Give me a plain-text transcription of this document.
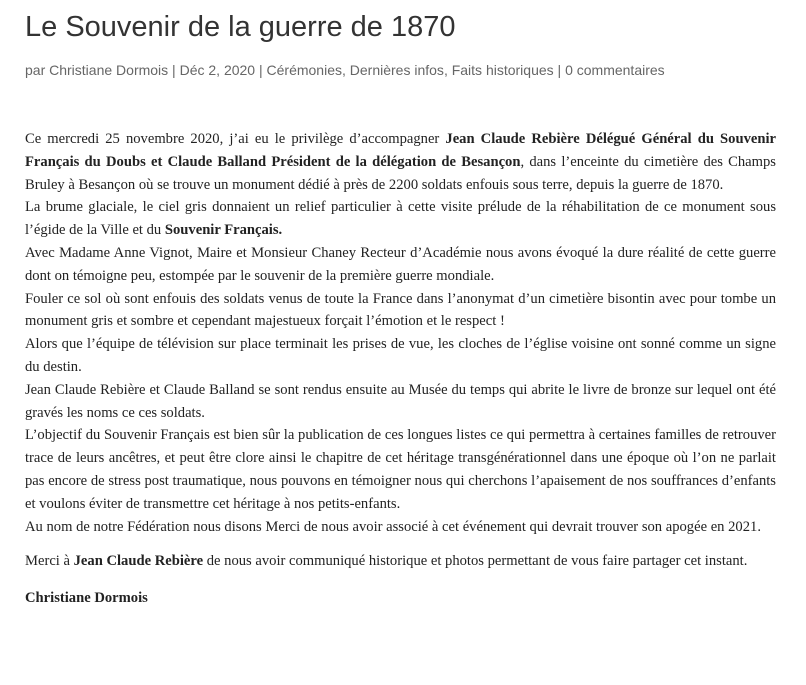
Le Souvenir de la guerre de 1870
par Christiane Dormois | Déc 2, 2020 | Cérémonies, Dernières infos, Faits historiques | 0 commentaires

Ce mercredi 25 novembre 2020, j’ai eu le privilège d’accompagner Jean Claude Rebière Délégué Général du Souvenir Français du Doubs et Claude Balland Président de la délégation de Besançon, dans l’enceinte du cimetière des Champs Bruley à Besançon où se trouve un monument dédié à près de 2200 soldats enfouis sous terre, depuis la guerre de 1870.

La brume glaciale, le ciel gris donnaient un relief particulier à cette visite prélude de la réhabilitation de ce monument sous l’égide de la Ville et du Souvenir Français.

Avec Madame Anne Vignot, Maire et Monsieur Chaney Recteur d’Académie nous avons évoqué la dure réalité de cette guerre dont on témoigne peu, estompée par le souvenir de la première guerre mondiale.

Fouler ce sol où sont enfouis des soldats venus de toute la France dans l’anonymat d’un cimetière bisontin avec pour tombe un monument gris et sombre et cependant majestueux forçait l’émotion et le respect !

Alors que l’équipe de télévision sur place terminait les prises de vue, les cloches de l’église voisine ont sonné comme un signe du destin.

Jean Claude Rebière et Claude Balland se sont rendus ensuite au Musée du temps qui abrite le livre de bronze sur lequel ont été gravés les noms ce ces soldats.

L’objectif du Souvenir Français est bien sûr la publication de ces longues listes ce qui permettra à certaines familles de retrouver trace de leurs ancêtres, et peut être clore ainsi le chapitre de cet héritage transgénérationnel dans une époque où l’on ne parlait pas encore de stress post traumatique, nous pouvons en témoigner nous qui cherchons l’apaisement de nos souffrances d’enfants et voulons éviter de transmettre cet héritage à nos petits-enfants.

Au nom de notre Fédération nous disons Merci de nous avoir associé à cet événement qui devrait trouver son apogée en 2021.

Merci à Jean Claude Rebière de nous avoir communiqué historique et photos permettant de vous faire partager cet instant.

Christiane Dormois
